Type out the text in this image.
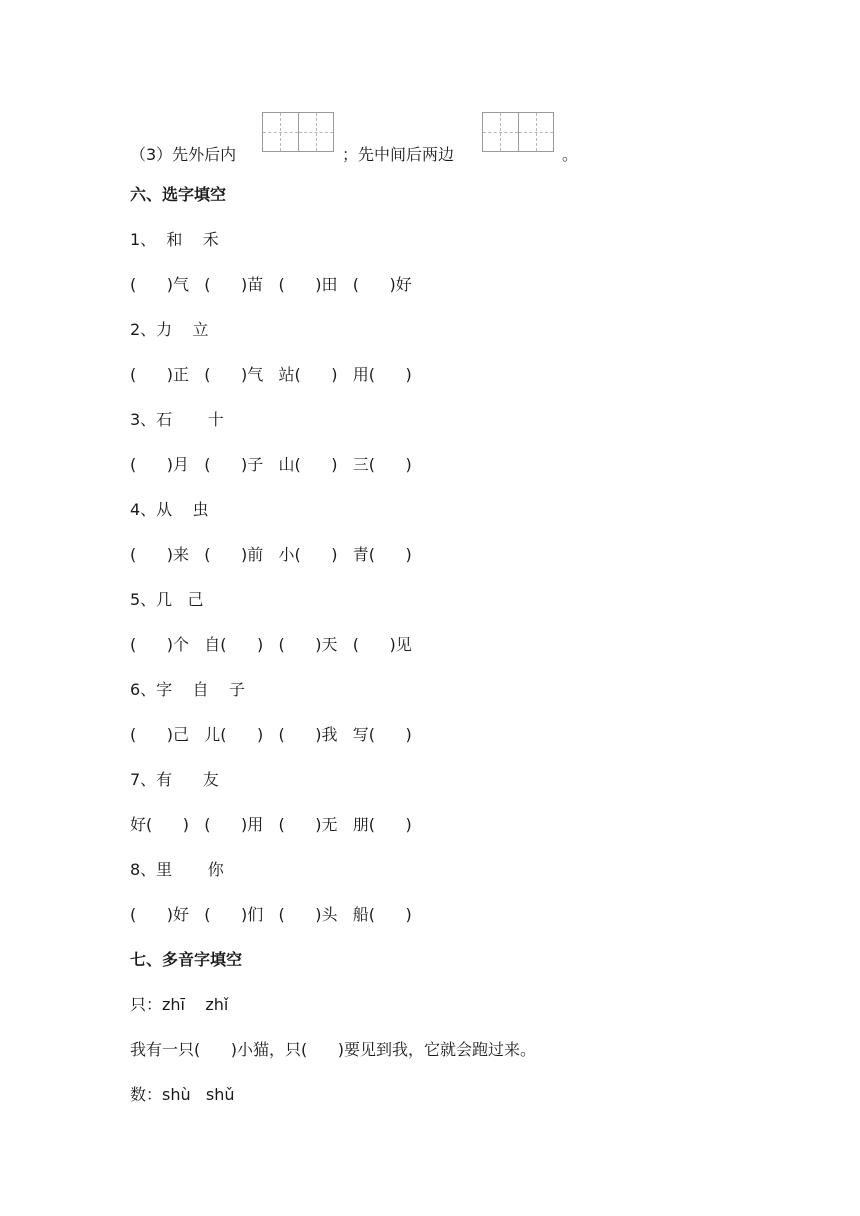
（3）先外后内	；先中间后两边	。
六、选字填空
1、  和    禾
(      )气   (      )苗   (      )田   (      )好
2、力    立
(      )正   (      )气   站(      )   用(      )
3、石       十
(      )月   (      )子   山(      )   三(      )
4、从    虫
(      )来   (      )前   小(      )   青(      )
5、几   己
(      )个   自(      )   (      )天   (      )见
6、字    自    子
(      )己   儿(      )   (      )我   写(      )
7、有      友
好(      )   (      )用   (      )无   朋(      )
8、里       你
(      )好   (      )们   (      )头   船(      )
七、多音字填空
只：zhī    zhǐ
我有一只(      )小猫，只(      )要见到我，它就会跑过来。
数：shù   shǔ
